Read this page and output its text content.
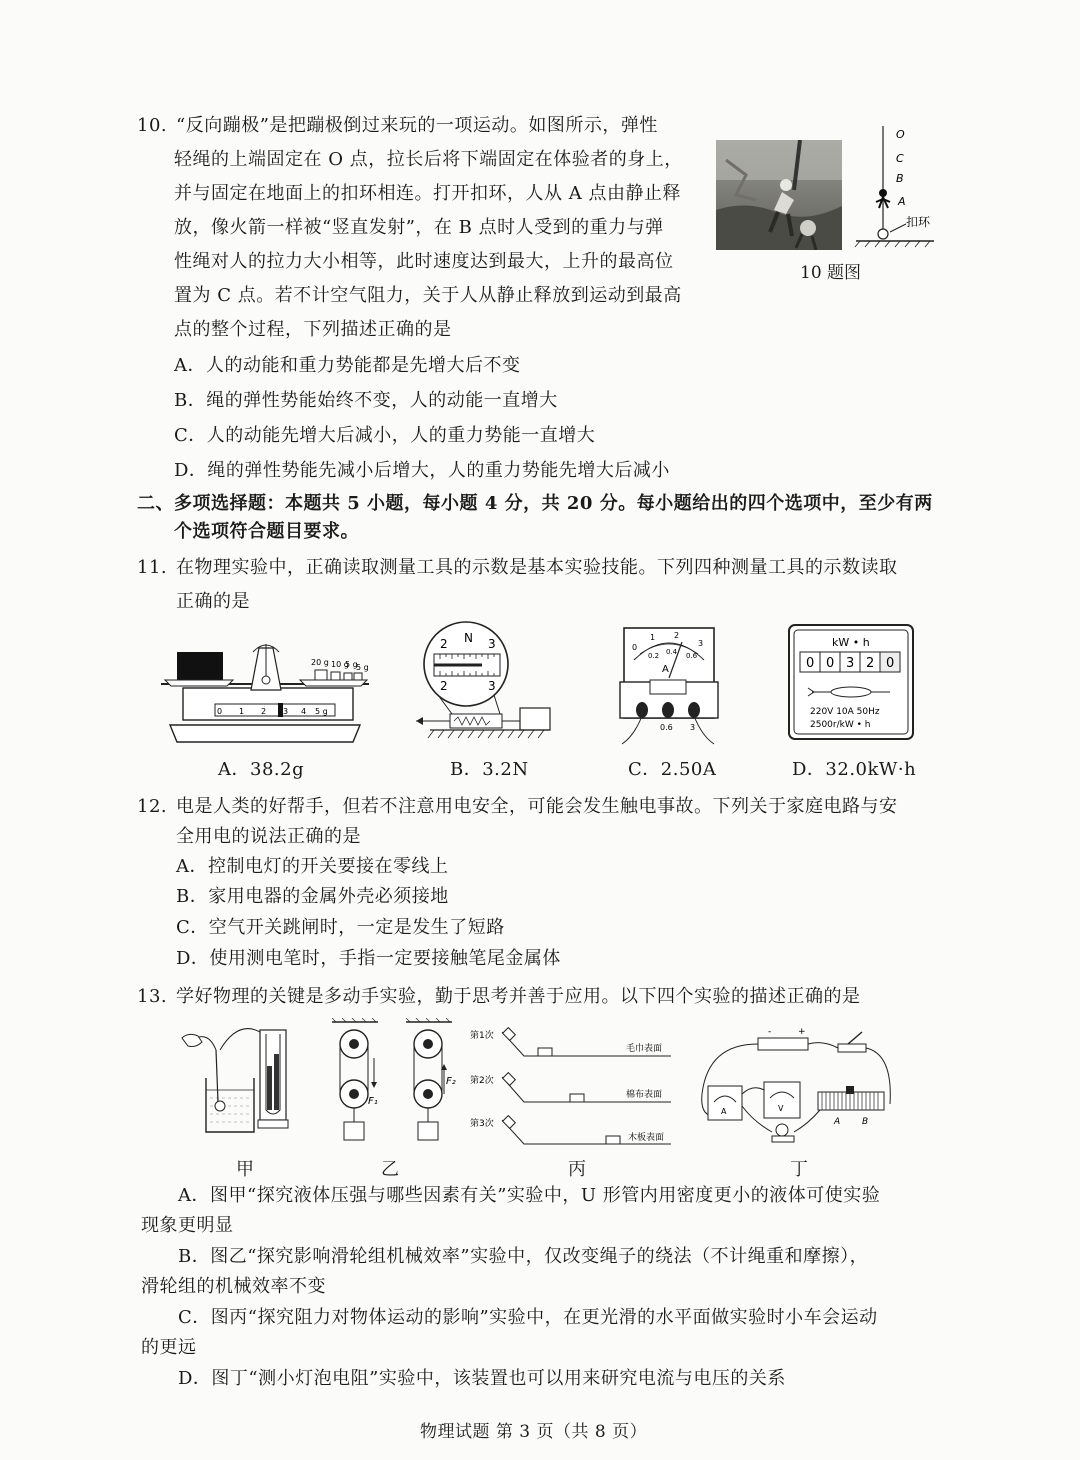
10. “反向蹦极”是把蹦极倒过来玩的一项运动。如图所示，弹性
轻绳的上端固定在 O 点，拉长后将下端固定在体验者的身上，
并与固定在地面上的扣环相连。打开扣环，人从 A 点由静止释
放，像火箭一样被“竖直发射”，在 B 点时人受到的重力与弹
性绳对人的拉力大小相等，此时速度达到最大，上升的最高位
置为 C 点。若不计空气阻力，关于人从静止释放到运动到最高
点的整个过程，下列描述正确的是
A．人的动能和重力势能都是先增大后不变
B．绳的弹性势能始终不变，人的动能一直增大
C．人的动能先增大后减小，人的重力势能一直增大
D．绳的弹性势能先减小后增大，人的重力势能先增大后减小
O
C
B
A
扣环
10 题图
二、多项选择题：本题共 5 小题，每小题 4 分，共 20 分。每小题给出的四个选项中，至少有两
个选项符合题目要求。
11. 在物理实验中，正确读取测量工具的示数是基本实验技能。下列四种测量工具的示数读取
正确的是
0 1 2 3 4 5 g
20 g 10 g
5 g
5 g
A．38.2g
2 N 3
2	3
B．3.2N
0
1 2
3
0.2 0.4 0.6
A
0.6 3
C．2.50A
kW • h
0 0 3 2 0
220V 10A 50Hz
2500r/kW • h
D．32.0kW·h
12. 电是人类的好帮手，但若不注意用电安全，可能会发生触电事故。下列关于家庭电路与安
全用电的说法正确的是
A．控制电灯的开关要接在零线上
B．家用电器的金属外壳必须接地
C．空气开关跳闸时，一定是发生了短路
D．使用测电笔时，手指一定要接触笔尾金属体
13. 学好物理的关键是多动手实验，勤于思考并善于应用。以下四个实验的描述正确的是
甲
F₁
F₂
乙
第1次
毛巾表面
第2次
棉布表面
第3次
木板表面
丙
-	+
A	V
A B
丁
A．图甲“探究液体压强与哪些因素有关”实验中，U 形管内用密度更小的液体可使实验
现象更明显
B．图乙“探究影响滑轮组机械效率”实验中，仅改变绳子的绕法（不计绳重和摩擦），
滑轮组的机械效率不变
C．图丙“探究阻力对物体运动的影响”实验中，在更光滑的水平面做实验时小车会运动
的更远
D．图丁“测小灯泡电阻”实验中，该装置也可以用来研究电流与电压的关系
物理试题 第 3 页（共 8 页）
